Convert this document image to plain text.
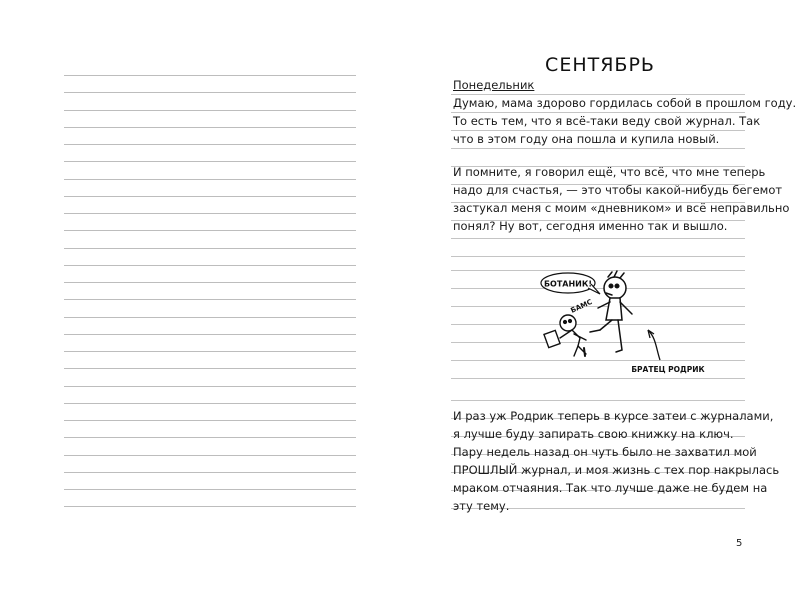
СЕНТЯБРЬ
Понедельник
Думаю, мама здорово гордилась собой в прошлом году.
То есть тем, что я всё-таки веду свой журнал. Так
что в этом году она пошла и купила новый.
И помните, я говорил ещё, что всё, что мне теперь
надо для счастья, — это чтобы какой-нибудь бегемот
застукал меня с моим «дневником» и всё неправильно
понял? Ну вот, сегодня именно так и вышло.
БОТАНИК!
БАМС
БРАТЕЦ РОДРИК
И раз уж Родрик теперь в курсе затеи с журналами,
я лучше буду запирать свою книжку на ключ.
Пару недель назад он чуть было не захватил мой
ПРОШЛЫЙ журнал, и моя жизнь с тех пор накрылась
мраком отчаяния. Так что лучше даже не будем на
эту тему.
5
